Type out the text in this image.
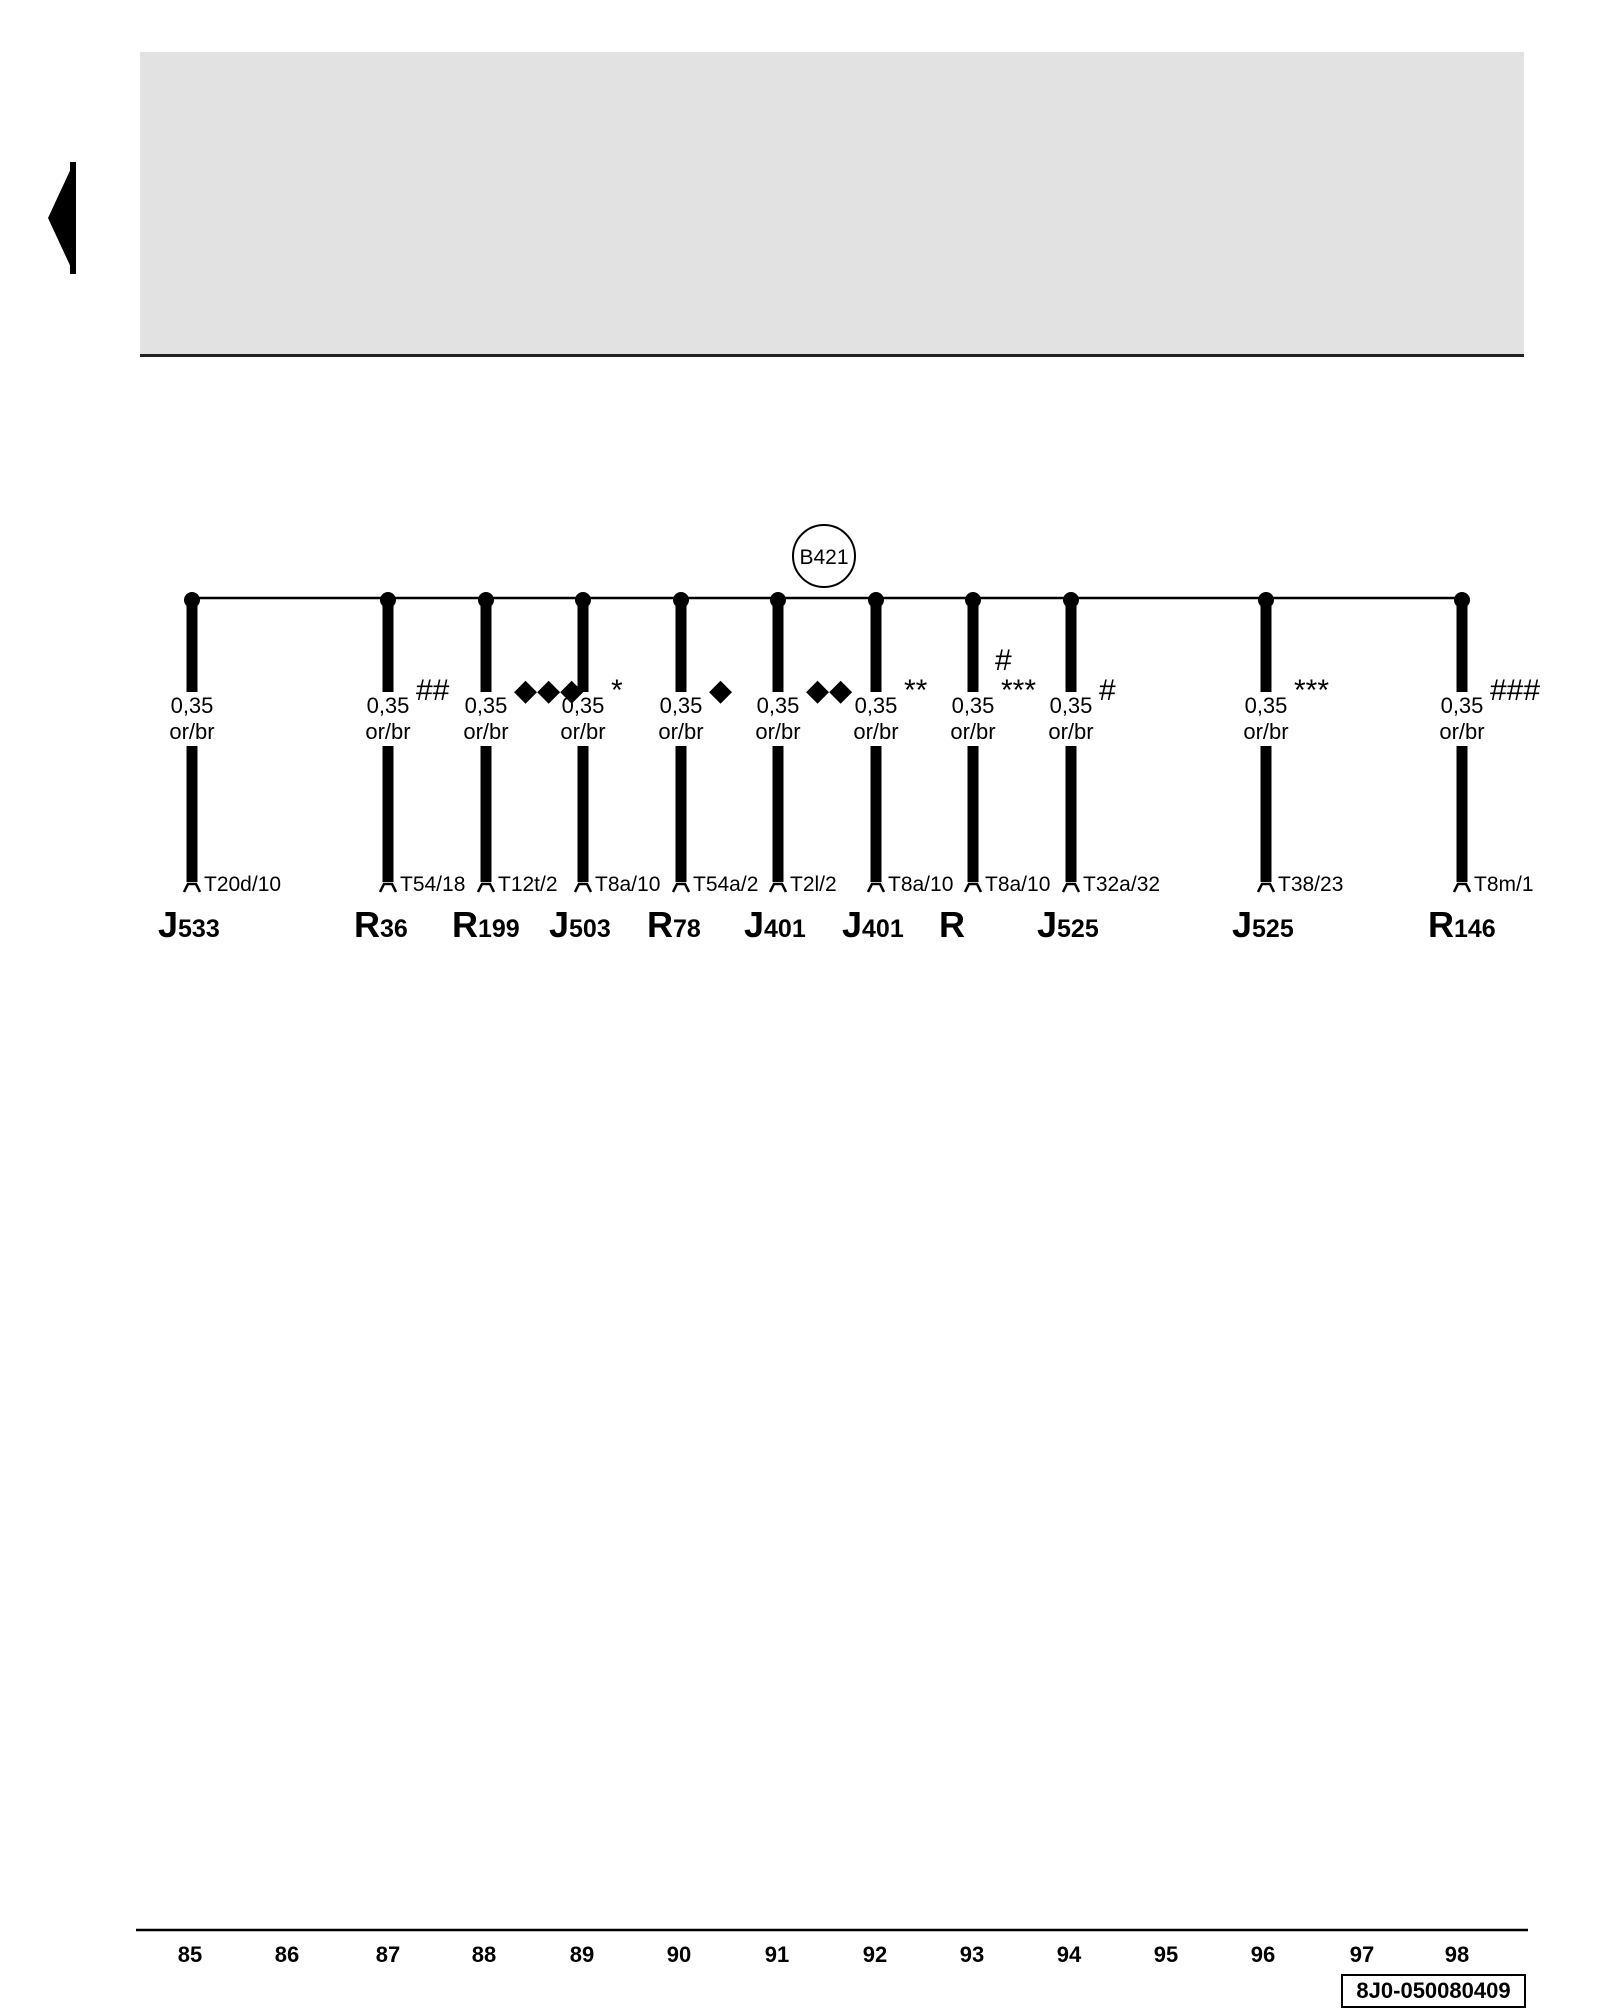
B421
0,35
or/br
T20d/10
J533
0,35
or/br
##
T54/18
R36
0,35
or/br
◆◆◆
T12t/2
R199
0,35
or/br
*
T8a/10
J503
0,35
or/br
◆
T54a/2
R78
0,35
or/br
◆◆
T2l/2
J401
0,35
or/br
**
T8a/10
J401
0,35
or/br
#
***
T8a/10
R
0,35
or/br
#
T32a/32
J525
0,35
or/br
***
T38/23
J525
0,35
or/br
###
T8m/1
R146
85	86	87	88	89	90	91	92	93	94	95	96	97	98
8J0-050080409
